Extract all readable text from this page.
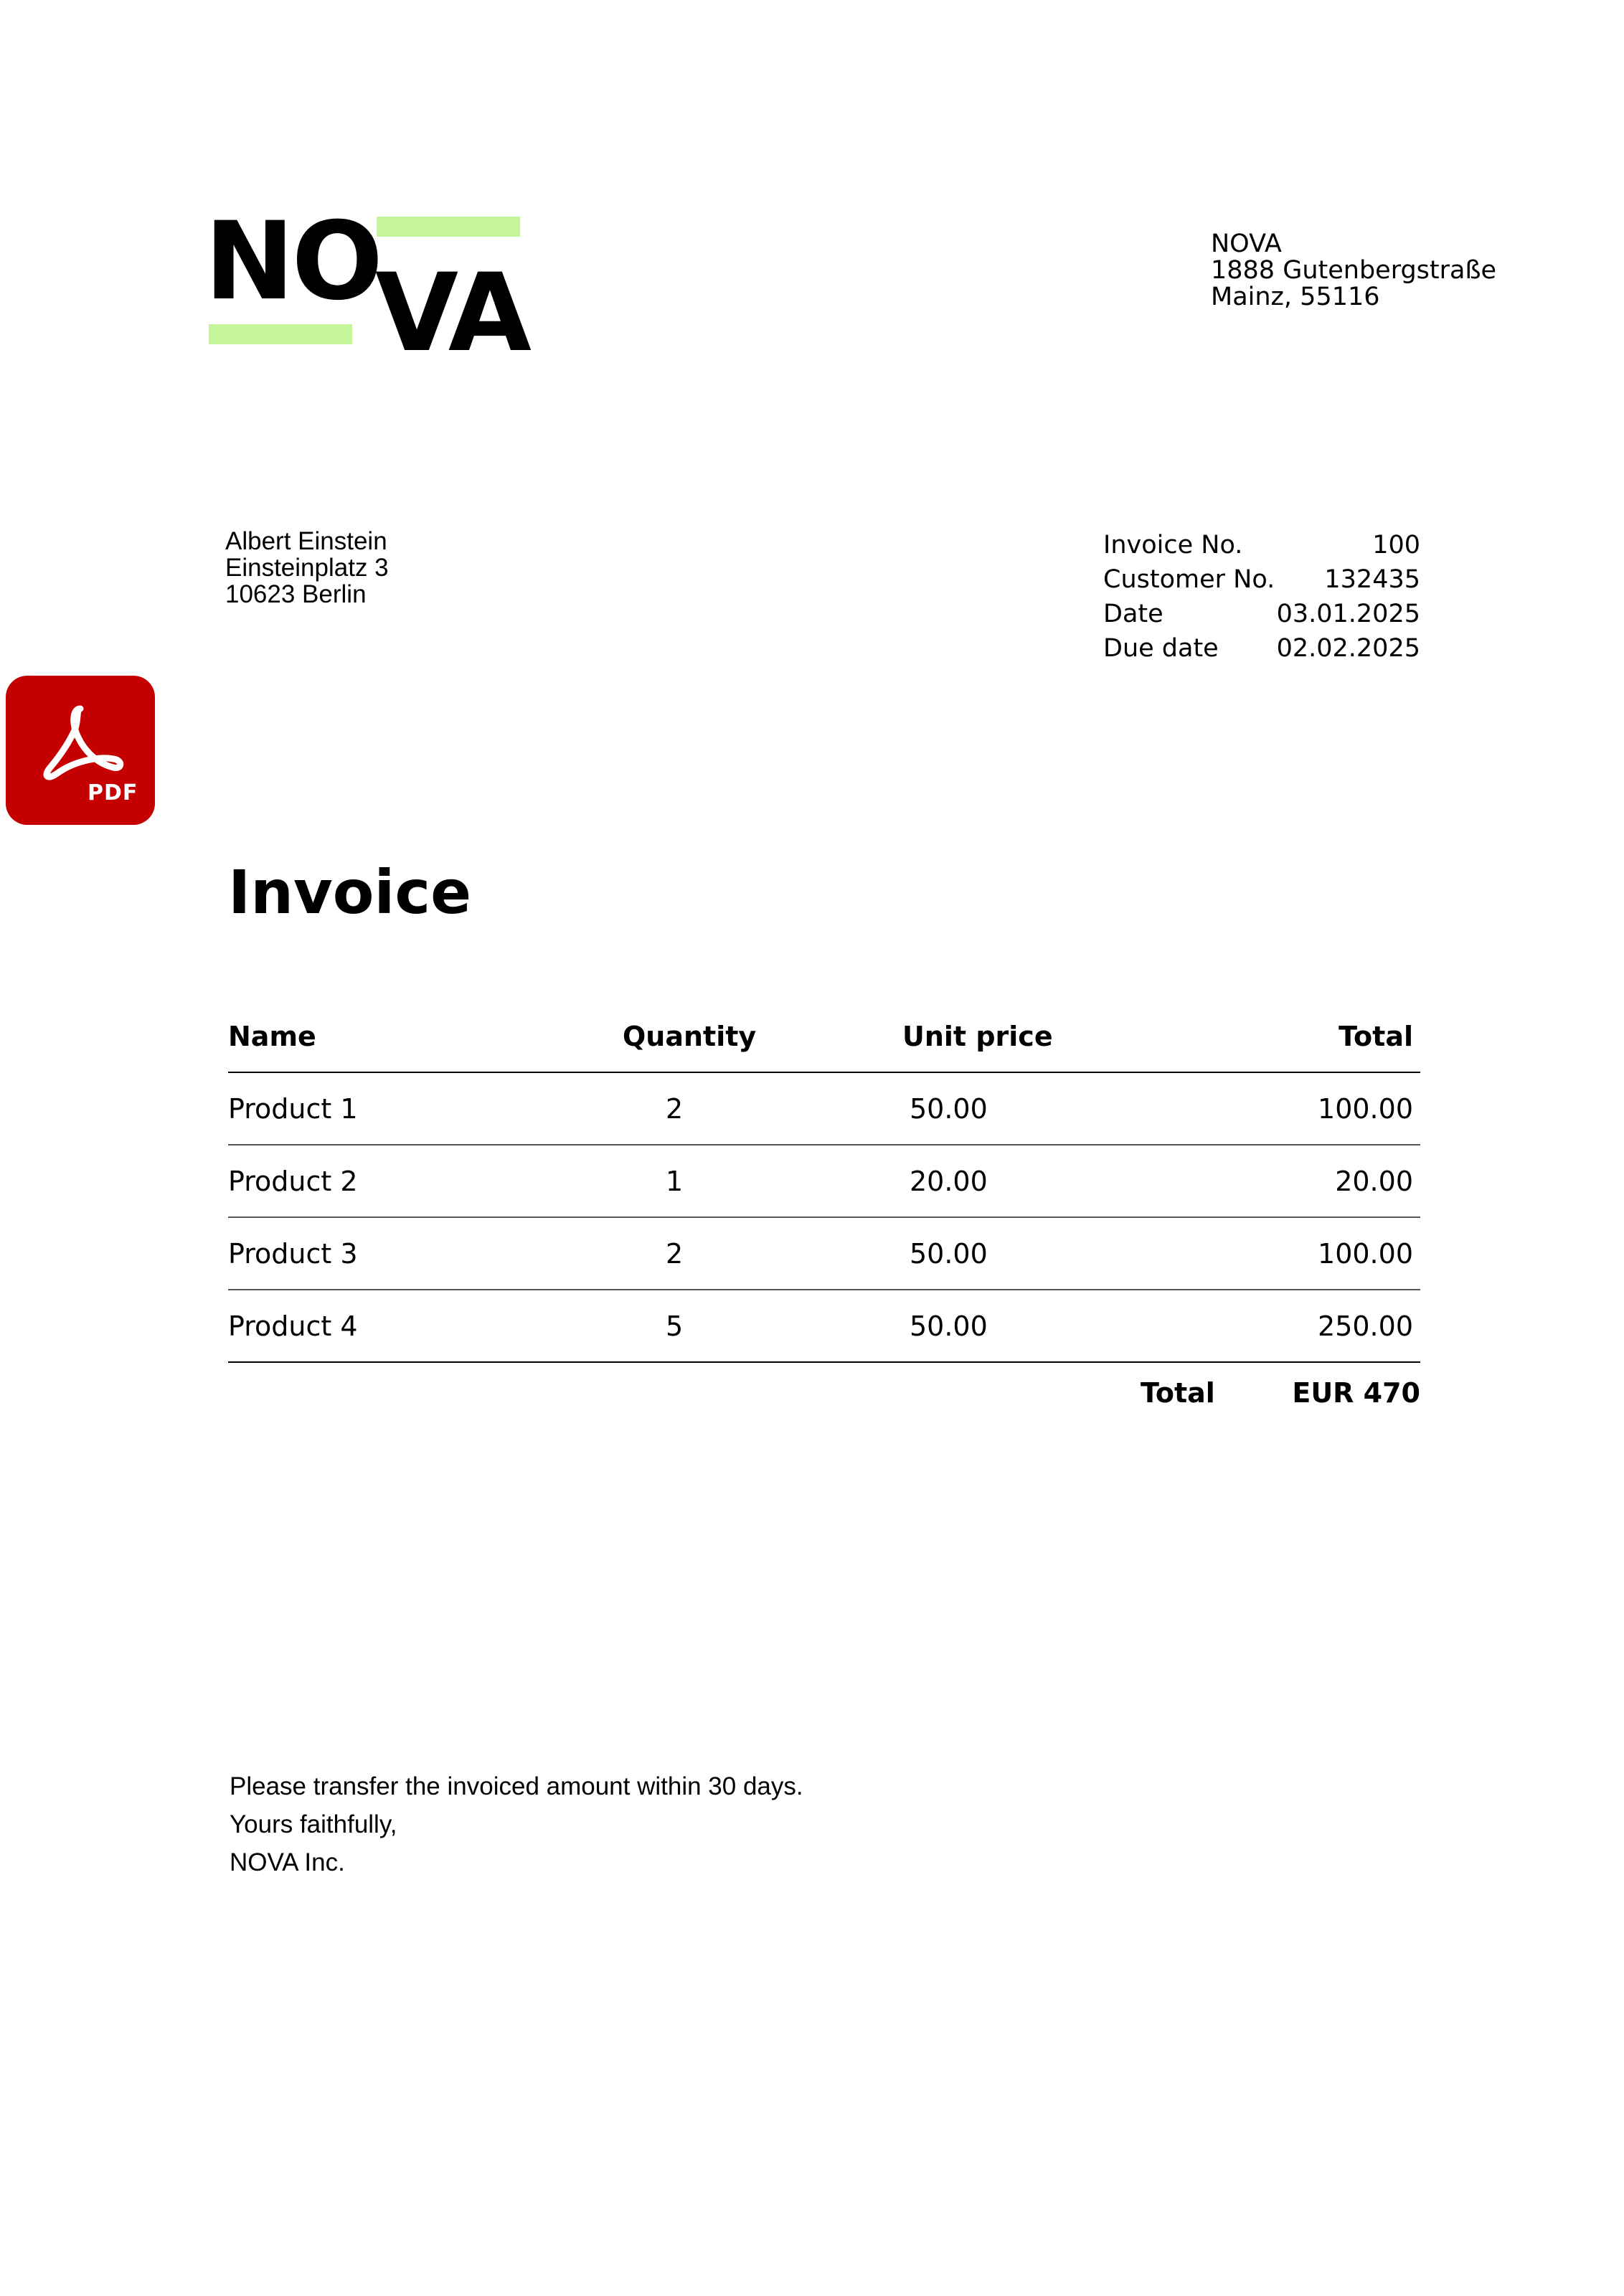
NO
VA
NOVA
1888 Gutenbergstraße
Mainz, 55116
Albert Einstein
Einsteinplatz 3
10623 Berlin
Invoice No.	100
Customer No. 132435
Date	03.01.2025
Due date 02.02.2025
PDF
Invoice
Name	Quantity	Unit price	Total
Product 1	2	50.00	100.00
Product 2	1	20.00	20.00
Product 3	2	50.00	100.00
Product 4	5	50.00	250.00
Total	EUR 470
Please transfer the invoiced amount within 30 days.
Yours faithfully,
NOVA Inc.
